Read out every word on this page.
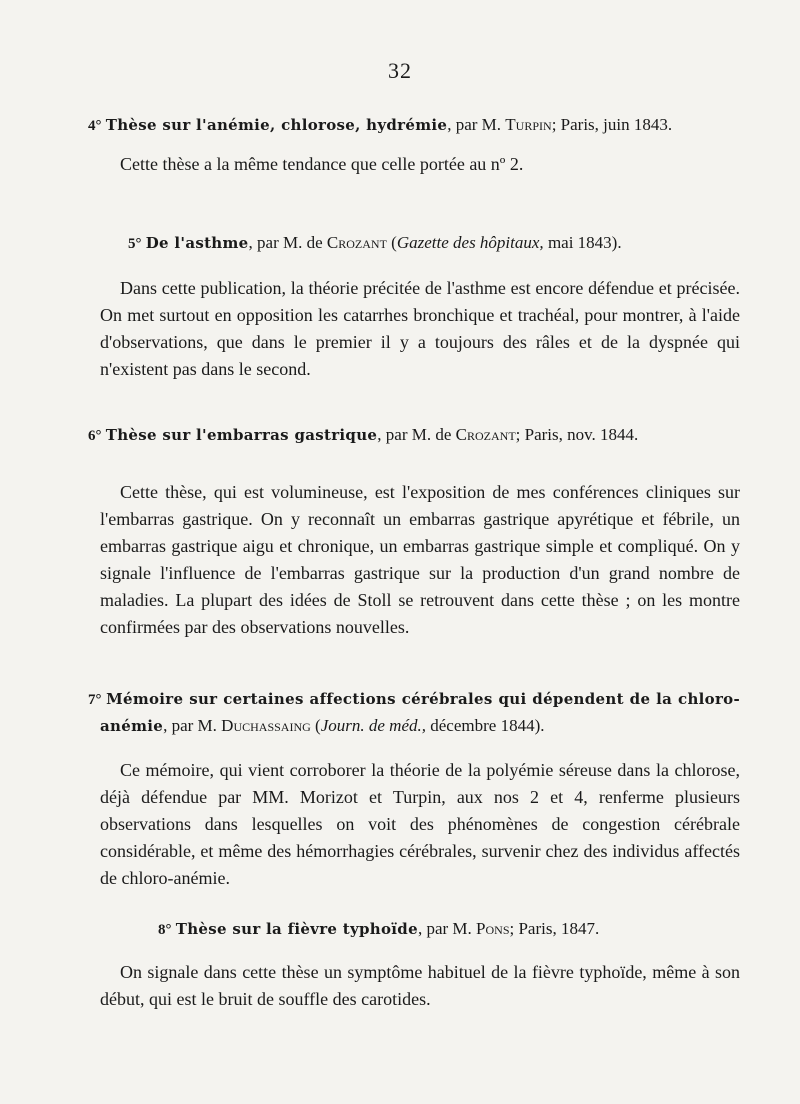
32
4° Thèse sur l'anémie, chlorose, hydrémie, par M. Turpin; Paris, juin 1843.
Cette thèse a la même tendance que celle portée au nº 2.
5° De l'asthme, par M. de Crozant (Gazette des hôpitaux, mai 1843).
Dans cette publication, la théorie précitée de l'asthme est encore défendue et précisée. On met surtout en opposition les catarrhes bronchique et trachéal, pour montrer, à l'aide d'observations, que dans le premier il y a toujours des râles et de la dyspnée qui n'existent pas dans le second.
6° Thèse sur l'embarras gastrique, par M. de Crozant; Paris, nov. 1844.
Cette thèse, qui est volumineuse, est l'exposition de mes conférences cliniques sur l'embarras gastrique. On y reconnaît un embarras gastrique apyrétique et fébrile, un embarras gastrique aigu et chronique, un embarras gastrique simple et compliqué. On y signale l'influence de l'embarras gastrique sur la production d'un grand nombre de maladies. La plupart des idées de Stoll se retrouvent dans cette thèse ; on les montre confirmées par des observations nouvelles.
7° Mémoire sur certaines affections cérébrales qui dépendent de la chloro-anémie, par M. Duchassaing (Journ. de méd., décembre 1844).
Ce mémoire, qui vient corroborer la théorie de la polyémie séreuse dans la chlorose, déjà défendue par MM. Morizot et Turpin, aux nos 2 et 4, renferme plusieurs observations dans lesquelles on voit des phénomènes de congestion cérébrale considérable, et même des hémorrhagies cérébrales, survenir chez des individus affectés de chloro-anémie.
8° Thèse sur la fièvre typhoïde, par M. Pons; Paris, 1847.
On signale dans cette thèse un symptôme habituel de la fièvre typhoïde, même à son début, qui est le bruit de souffle des carotides.
